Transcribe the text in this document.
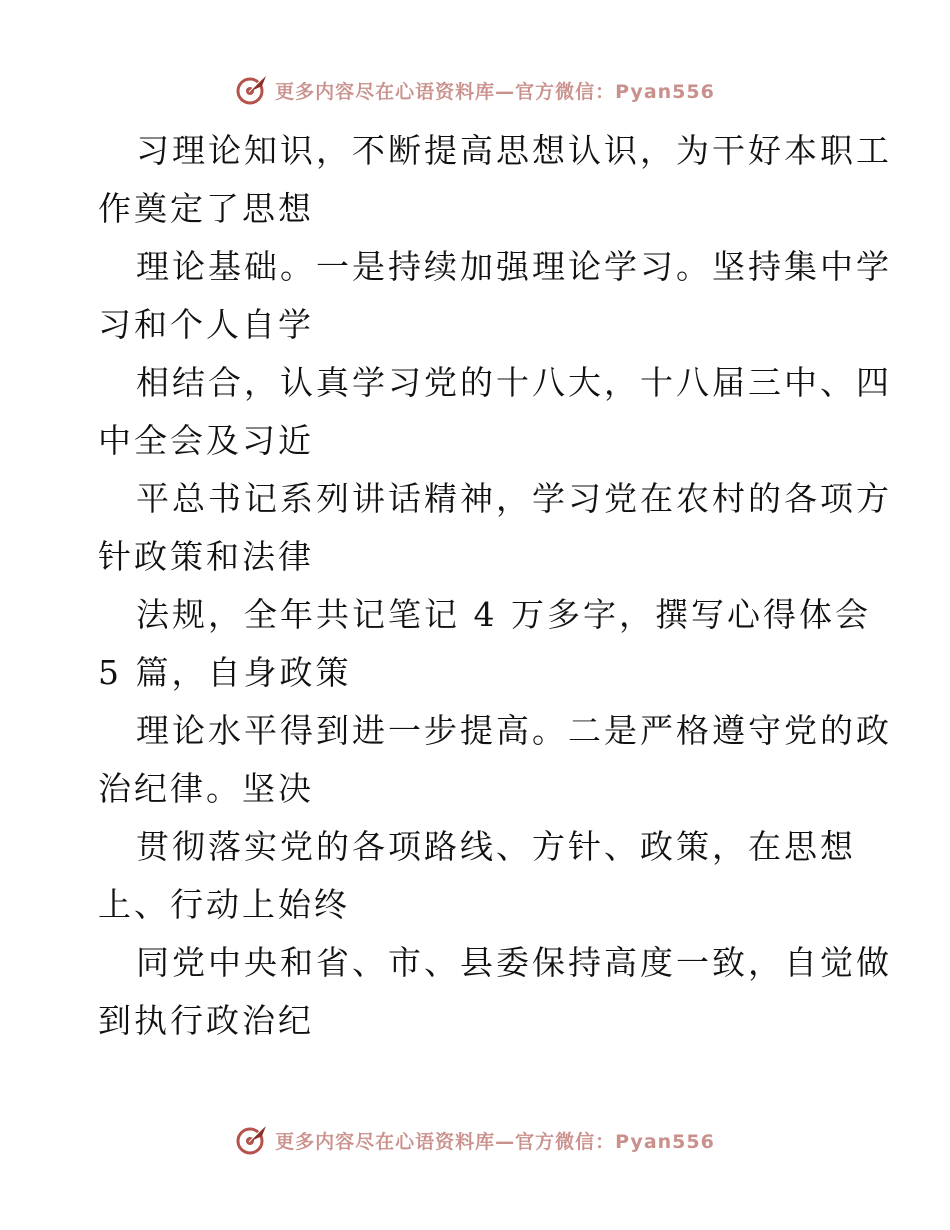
更多内容尽在心语资料库—官方微信：Pyan556
习理论知识，不断提高思想认识，为干好本职工
作奠定了思想
理论基础。一是持续加强理论学习。坚持集中学
习和个人自学
相结合，认真学习党的十八大，十八届三中、四
中全会及习近
平总书记系列讲话精神，学习党在农村的各项方
针政策和法律
法规，全年共记笔记 4 万多字，撰写心得体会
5 篇，自身政策
理论水平得到进一步提高。二是严格遵守党的政
治纪律。坚决
贯彻落实党的各项路线、方针、政策，在思想
上、行动上始终
同党中央和省、市、县委保持高度一致，自觉做
到执行政治纪
更多内容尽在心语资料库—官方微信：Pyan556
